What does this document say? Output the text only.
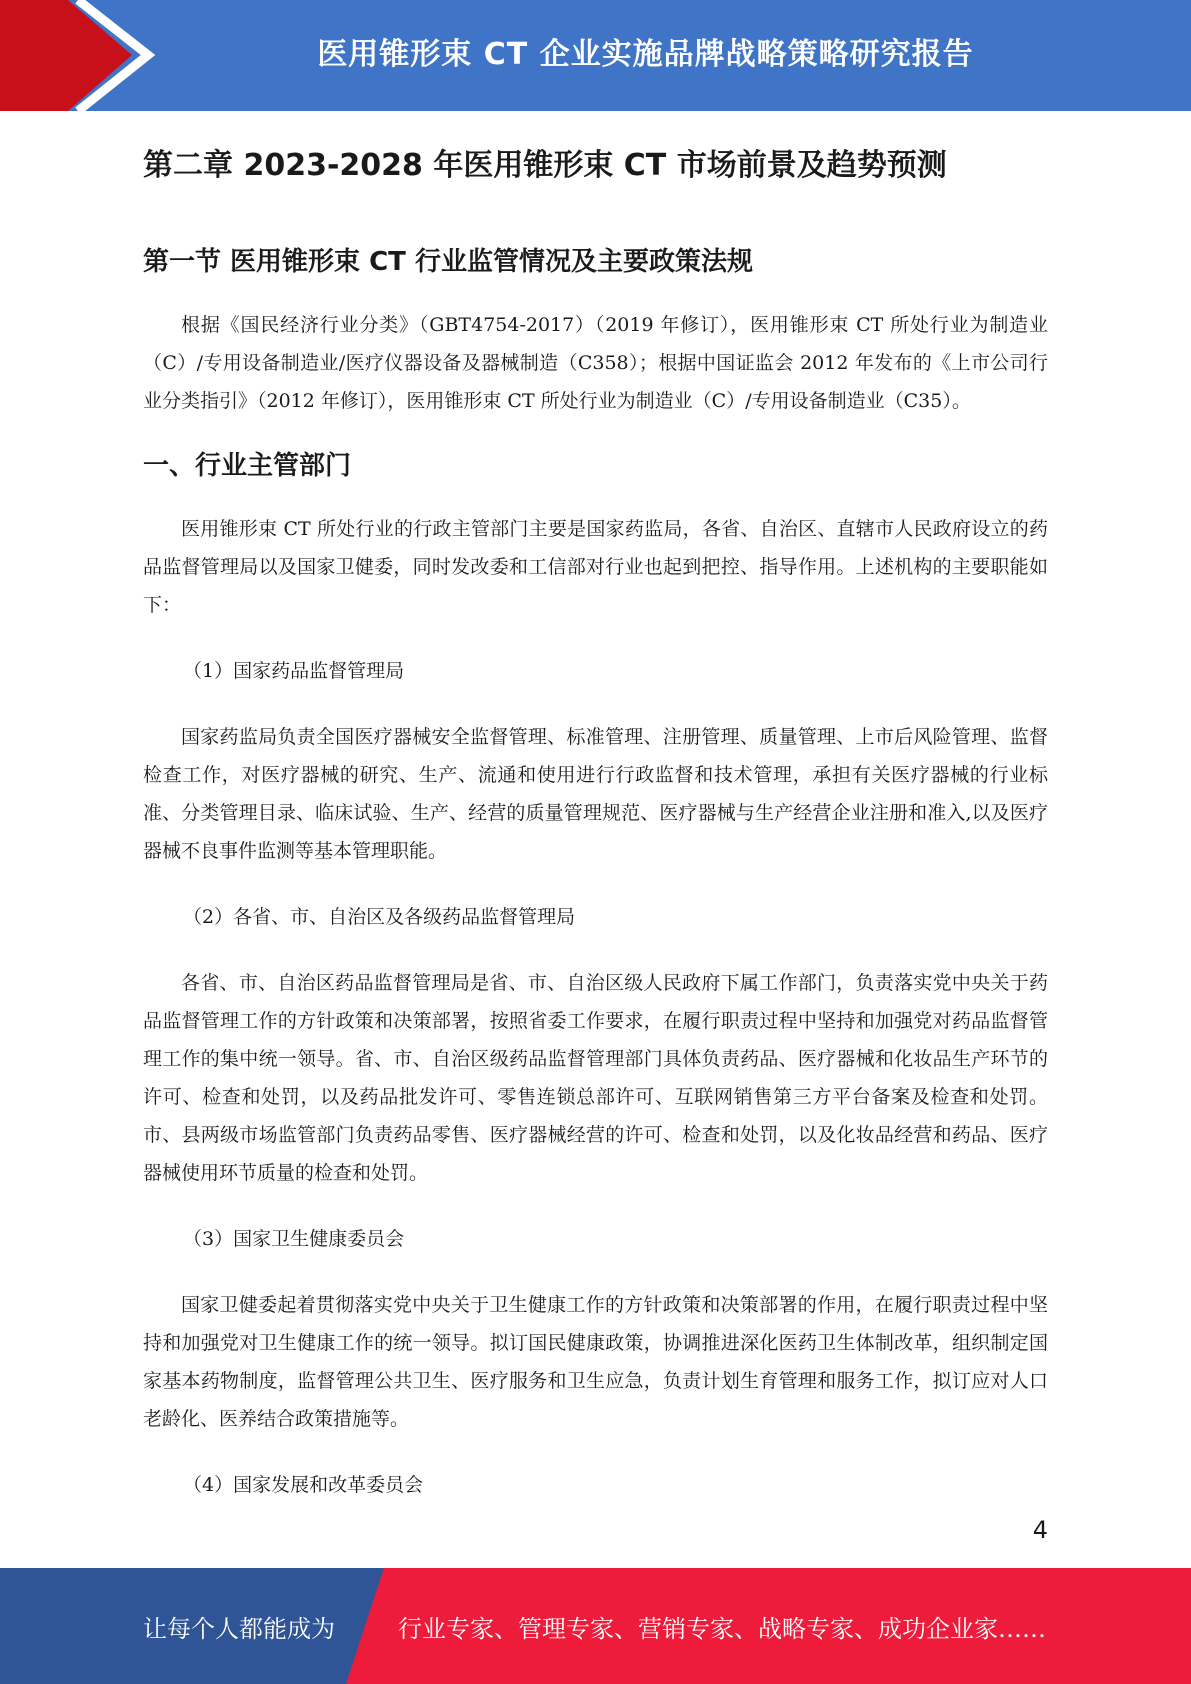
医用锥形束 CT 企业实施品牌战略策略研究报告
第二章 2023-2028 年医用锥形束 CT 市场前景及趋势预测
第一节 医用锥形束 CT 行业监管情况及主要政策法规

根据《国民经济行业分类》（GBT4754-2017）（2019 年修订），医用锥形束 CT 所处行业为制造业（C）/专用设备制造业/医疗仪器设备及器械制造（C358）；根据中国证监会 2012 年发布的《上市公司行业分类指引》（2012 年修订），医用锥形束 CT 所处行业为制造业（C）/专用设备制造业（C35）。

一、行业主管部门

医用锥形束 CT 所处行业的行政主管部门主要是国家药监局，各省、自治区、直辖市人民政府设立的药品监督管理局以及国家卫健委，同时发改委和工信部对行业也起到把控、指导作用。上述机构的主要职能如下：

（1）国家药品监督管理局

国家药监局负责全国医疗器械安全监督管理、标准管理、注册管理、质量管理、上市后风险管理、监督检查工作，对医疗器械的研究、生产、流通和使用进行行政监督和技术管理，承担有关医疗器械的行业标准、分类管理目录、临床试验、生产、经营的质量管理规范、医疗器械与生产经营企业注册和准入,以及医疗器械不良事件监测等基本管理职能。

（2）各省、市、自治区及各级药品监督管理局

各省、市、自治区药品监督管理局是省、市、自治区级人民政府下属工作部门，负责落实党中央关于药品监督管理工作的方针政策和决策部署，按照省委工作要求，在履行职责过程中坚持和加强党对药品监督管理工作的集中统一领导。省、市、自治区级药品监督管理部门具体负责药品、医疗器械和化妆品生产环节的许可、检查和处罚，以及药品批发许可、零售连锁总部许可、互联网销售第三方平台备案及检查和处罚。市、县两级市场监管部门负责药品零售、医疗器械经营的许可、检查和处罚，以及化妆品经营和药品、医疗器械使用环节质量的检查和处罚。

（3）国家卫生健康委员会

国家卫健委起着贯彻落实党中央关于卫生健康工作的方针政策和决策部署的作用，在履行职责过程中坚持和加强党对卫生健康工作的统一领导。拟订国民健康政策，协调推进深化医药卫生体制改革，组织制定国家基本药物制度，监督管理公共卫生、医疗服务和卫生应急，负责计划生育管理和服务工作，拟订应对人口老龄化、医养结合政策措施等。

（4）国家发展和改革委员会

4
让每个人都能成为	行业专家、管理专家、营销专家、战略专家、成功企业家……
